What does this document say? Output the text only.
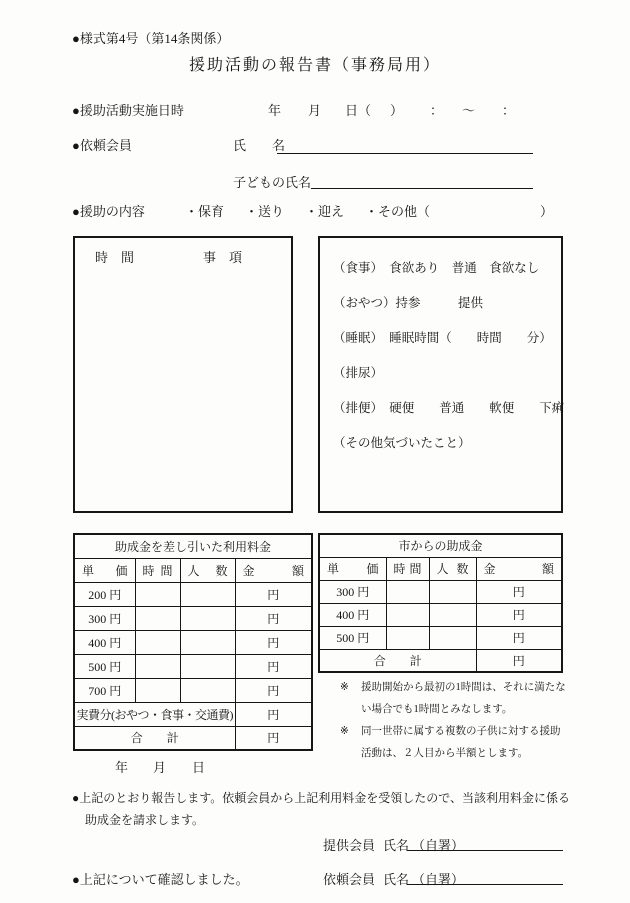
●様式第4号（第14条関係）
援助活動の報告書（事務局用）
●援助活動実施日時	年 月 日（ ） ： ～ ：
●依頼会員	氏　　名
子どもの氏名
●援助の内容	・保育 ・送り ・迎え ・その他（	）
時　間	事　項
（食事）　食欲あり　普通　食欲なし
（おやつ）持参　　　提供
（睡眠）　睡眠時間（　　時間　　分）
（排尿）
（排便）　硬便　　普通　　軟便　　下痢
（その他気づいたこと）
助成金を差し引いた利用料金			

単 価	時 間	人 数	金 額

200 円			円
300 円			円
400 円			円
500 円			円
700 円			円
実費分(おやつ・食事・交通費)			円
合　　計			円
市からの助成金			

単 価	時 間	人 数	金 額

300 円			円
400 円			円
500 円			円
合　　計			円
※	援助開始から最初の1時間は、それに満たない場合でも1時間とみなします。
※	同一世帯に属する複数の子供に対する援助活動は、２人目から半額とします。
年 月 日
●上記のとおり報告します。依頼会員から上記利用料金を受領したので、当該利用料金に係る
助成金を請求します。
提供会員 氏名 （自署）
●上記について確認しました。	依頼会員 氏名 （自署）
